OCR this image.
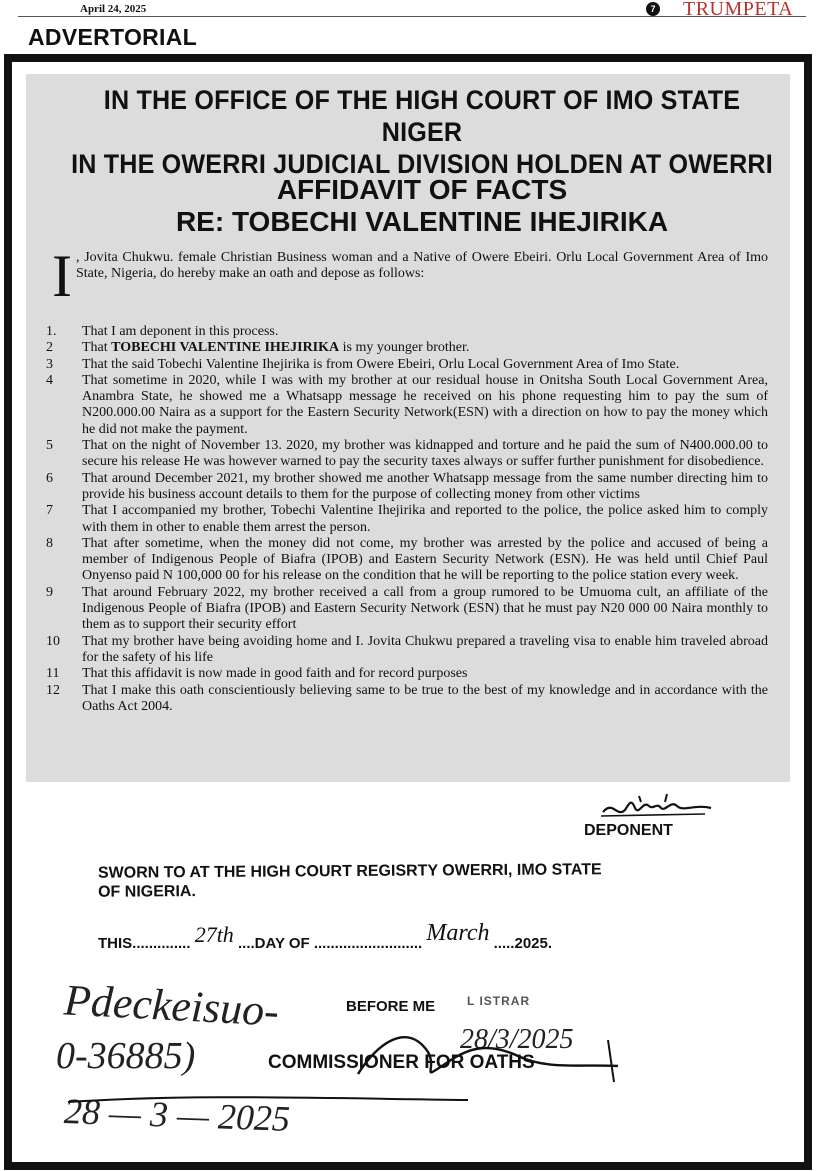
April 24, 2025	7 TRUMPETA
ADVERTORIAL
IN THE OFFICE OF THE HIGH COURT OF IMO STATE NIGER
IN THE OWERRI JUDICIAL DIVISION HOLDEN AT OWERRI
AFFIDAVIT OF FACTS
RE: TOBECHI VALENTINE IHEJIRIKA
I , Jovita Chukwu. female Christian Business woman and a Native of Owere Ebeiri. Orlu Local Government Area of Imo State, Nigeria, do hereby make an oath and depose as follows:
1.	That I am deponent in this process.
2	That TOBECHI VALENTINE IHEJIRIKA is my younger brother.
3	That the said Tobechi Valentine Ihejirika is from Owere Ebeiri, Orlu Local Government Area of Imo State.
4	That sometime in 2020, while I was with my brother at our residual house in Onitsha South Local Government Area, Anambra State, he showed me a Whatsapp message he received on his phone requesting him to pay the sum of N200.000.00 Naira as a support for the Eastern Security Network(ESN) with a direction on how to pay the money which he did not make the payment.
5	That on the night of November 13. 2020, my brother was kidnapped and torture and he paid the sum of N400.000.00 to secure his release He was however warned to pay the security taxes always or suffer further punishment for disobedience.
6	That around December 2021, my brother showed me another Whatsapp message from the same number directing him to provide his business account details to them for the purpose of collecting money from other victims
7	That I accompanied my brother, Tobechi Valentine Ihejirika and reported to the police, the police asked him to comply with them in other to enable them arrest the person.
8	That after sometime, when the money did not come, my brother was arrested by the police and accused of being a member of Indigenous People of Biafra (IPOB) and Eastern Security Network (ESN). He was held until Chief Paul Onyenso paid N 100,000 00 for his release on the condition that he will be reporting to the police station every week.
9	That around February 2022, my brother received a call from a group rumored to be Umuoma cult, an affiliate of the Indigenous People of Biafra (IPOB) and Eastern Security Network (ESN) that he must pay N20 000 00 Naira monthly to them as to support their security effort
10	That my brother have being avoiding home and I. Jovita Chukwu prepared a traveling visa to enable him traveled abroad for the safety of his life
11	That this affidavit is now made in good faith and for record purposes
12	That I make this oath conscientiously believing same to be true to the best of my knowledge and in accordance with the Oaths Act 2004.
DEPONENT
SWORN TO AT THE HIGH COURT REGISRTY OWERRI, IMO STATE
OF NIGERIA.
THIS.............. 27th ....DAY OF .......................... March .....2025.
BEFORE ME	L ISTRAR
Pdeckeisuo-
0-36885)	28/3/2025
COMMISSIONER FOR OATHS
28 — 3 — 2025
